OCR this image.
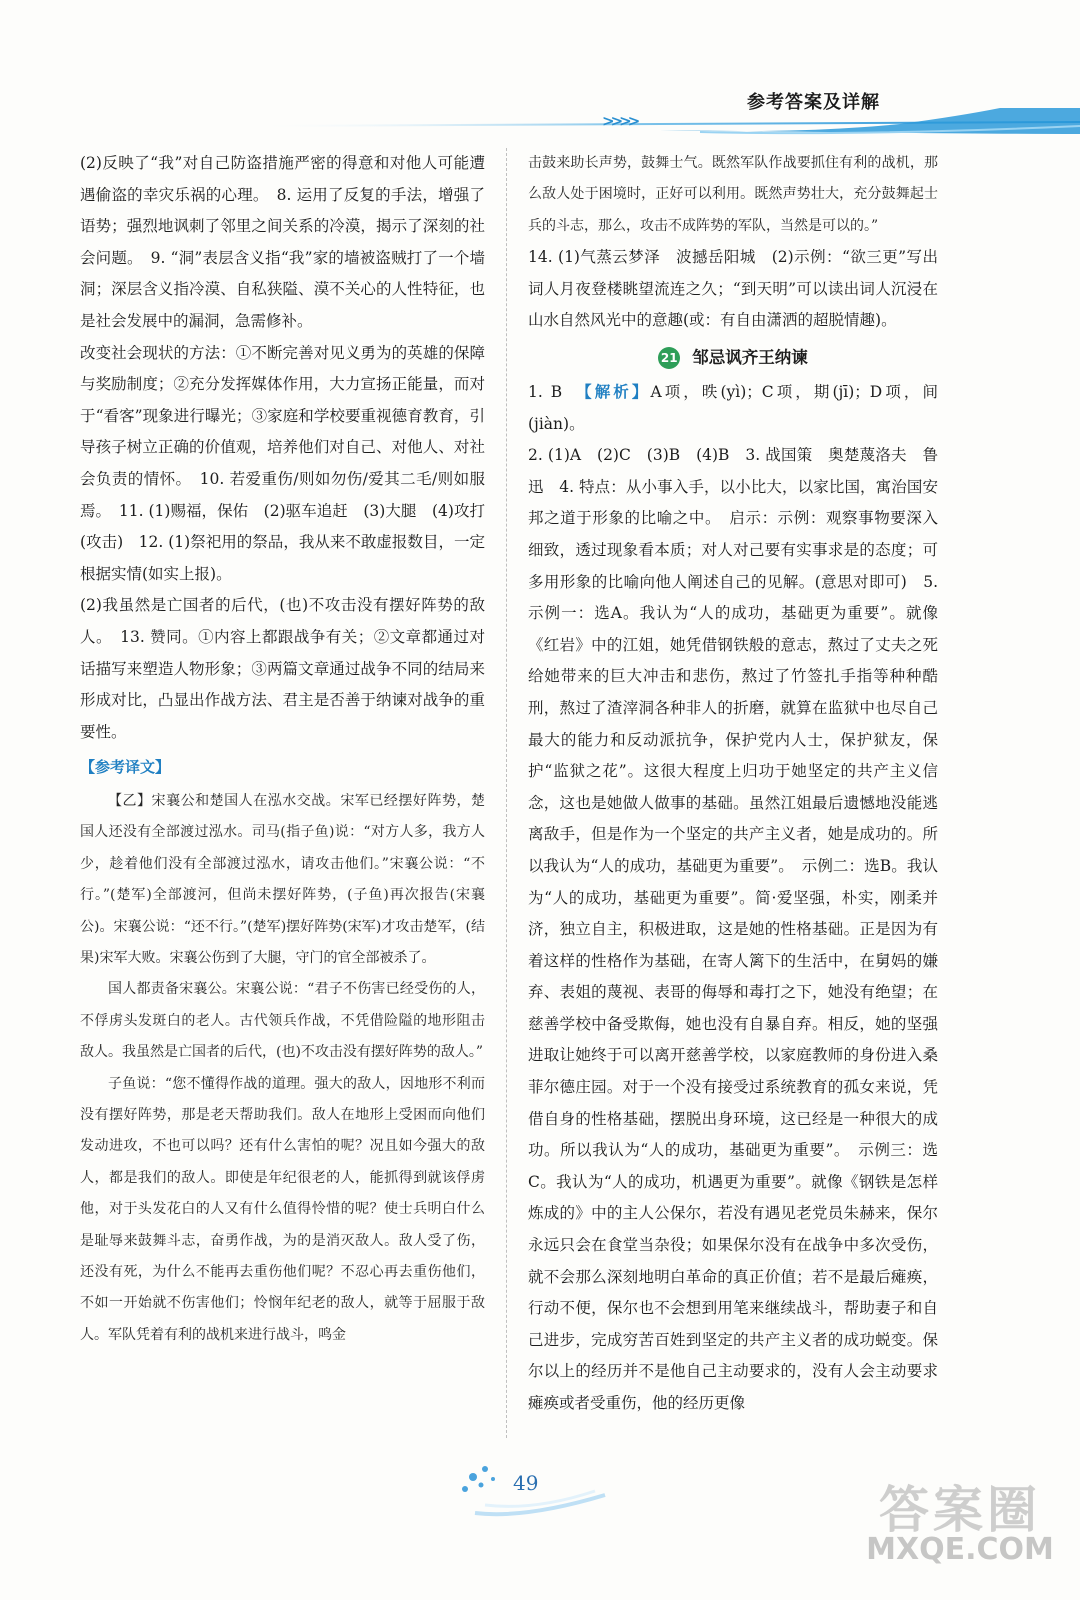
参考答案及详解
>>>>

(2)反映了“我”对自己防盗措施严密的得意和对他人可能遭遇偷盗的幸灾乐祸的心理。　8. 运用了反复的手法，增强了语势；强烈地讽刺了邻里之间关系的冷漠，揭示了深刻的社会问题。　9. “洞”表层含义指“我”家的墙被盗贼打了一个墙洞；深层含义指冷漠、自私狭隘、漠不关心的人性特征，也是社会发展中的漏洞，急需修补。

改变社会现状的方法：①不断完善对见义勇为的英雄的保障与奖励制度；②充分发挥媒体作用，大力宣扬正能量，而对于“看客”现象进行曝光；③家庭和学校要重视德育教育，引导孩子树立正确的价值观，培养他们对自己、对他人、对社会负责的情怀。　10. 若爱重伤/则如勿伤/爱其二毛/则如服焉。　11. (1)赐福，保佑　(2)驱车追赶　(3)大腿　(4)攻打(攻击)　12. (1)祭祀用的祭品，我从来不敢虚报数目，一定根据实情(如实上报)。

(2)我虽然是亡国者的后代，(也)不攻击没有摆好阵势的敌人。　13. 赞同。①内容上都跟战争有关；②文章都通过对话描写来塑造人物形象；③两篇文章通过战争不同的结局来形成对比，凸显出作战方法、君主是否善于纳谏对战争的重要性。

【参考译文】

【乙】宋襄公和楚国人在泓水交战。宋军已经摆好阵势，楚国人还没有全部渡过泓水。司马(指子鱼)说：“对方人多，我方人少，趁着他们没有全部渡过泓水，请攻击他们。”宋襄公说：“不行。”(楚军)全部渡河，但尚未摆好阵势，(子鱼)再次报告(宋襄公)。宋襄公说：“还不行。”(楚军)摆好阵势(宋军)才攻击楚军，(结果)宋军大败。宋襄公伤到了大腿，守门的官全部被杀了。

国人都责备宋襄公。宋襄公说：“君子不伤害已经受伤的人，不俘虏头发斑白的老人。古代领兵作战，不凭借险隘的地形阻击敌人。我虽然是亡国者的后代，(也)不攻击没有摆好阵势的敌人。”

子鱼说：“您不懂得作战的道理。强大的敌人，因地形不利而没有摆好阵势，那是老天帮助我们。敌人在地形上受困而向他们发动进攻，不也可以吗？还有什么害怕的呢？况且如今强大的敌人，都是我们的敌人。即使是年纪很老的人，能抓得到就该俘虏他，对于头发花白的人又有什么值得怜惜的呢？使士兵明白什么是耻辱来鼓舞斗志，奋勇作战，为的是消灭敌人。敌人受了伤，还没有死，为什么不能再去重伤他们呢？不忍心再去重伤他们，不如一开始就不伤害他们；怜悯年纪老的敌人，就等于屈服于敌人。军队凭着有利的战机来进行战斗，鸣金

击鼓来助长声势，鼓舞士气。既然军队作战要抓住有利的战机，那么敌人处于困境时，正好可以利用。既然声势壮大，充分鼓舞起士兵的斗志，那么，攻击不成阵势的军队，当然是可以的。”

14. (1)气蒸云梦泽　波撼岳阳城　(2)示例：“欲三更”写出词人月夜登楼眺望流连之久；“到天明”可以读出词人沉浸在山水自然风光中的意趣(或：有自由潇洒的超脱情趣)。

21 邹忌讽齐王纳谏

1. B　【解析】A项，昳(yì)；C项，期(jī)；D项，间(jiàn)。

2. (1)A　(2)C　(3)B　(4)B　3. 战国策　奥楚蔑洛夫　鲁迅　4. 特点：从小事入手，以小比大，以家比国，寓治国安邦之道于形象的比喻之中。　启示：示例：观察事物要深入细致，透过现象看本质；对人对己要有实事求是的态度；可多用形象的比喻向他人阐述自己的见解。(意思对即可)　5. 示例一：选A。我认为“人的成功，基础更为重要”。就像《红岩》中的江姐，她凭借钢铁般的意志，熬过了丈夫之死给她带来的巨大冲击和悲伤，熬过了竹签扎手指等种种酷刑，熬过了渣滓洞各种非人的折磨，就算在监狱中也尽自己最大的能力和反动派抗争，保护党内人士，保护狱友，保护“监狱之花”。这很大程度上归功于她坚定的共产主义信念，这也是她做人做事的基础。虽然江姐最后遗憾地没能逃离敌手，但是作为一个坚定的共产主义者，她是成功的。所以我认为“人的成功，基础更为重要”。　示例二：选B。我认为“人的成功，基础更为重要”。简·爱坚强，朴实，刚柔并济，独立自主，积极进取，这是她的性格基础。正是因为有着这样的性格作为基础，在寄人篱下的生活中，在舅妈的嫌弃、表姐的蔑视、表哥的侮辱和毒打之下，她没有绝望；在慈善学校中备受欺侮，她也没有自暴自弃。相反，她的坚强进取让她终于可以离开慈善学校，以家庭教师的身份进入桑菲尔德庄园。对于一个没有接受过系统教育的孤女来说，凭借自身的性格基础，摆脱出身环境，这已经是一种很大的成功。所以我认为“人的成功，基础更为重要”。　示例三：选C。我认为“人的成功，机遇更为重要”。就像《钢铁是怎样炼成的》中的主人公保尔，若没有遇见老党员朱赫来，保尔永远只会在食堂当杂役；如果保尔没有在战争中多次受伤，就不会那么深刻地明白革命的真正价值；若不是最后瘫痪，行动不便，保尔也不会想到用笔来继续战斗，帮助妻子和自己进步，完成穷苦百姓到坚定的共产主义者的成功蜕变。保尔以上的经历并不是他自己主动要求的，没有人会主动要求瘫痪或者受重伤，他的经历更像

49	答案圈
MXQE.COM
